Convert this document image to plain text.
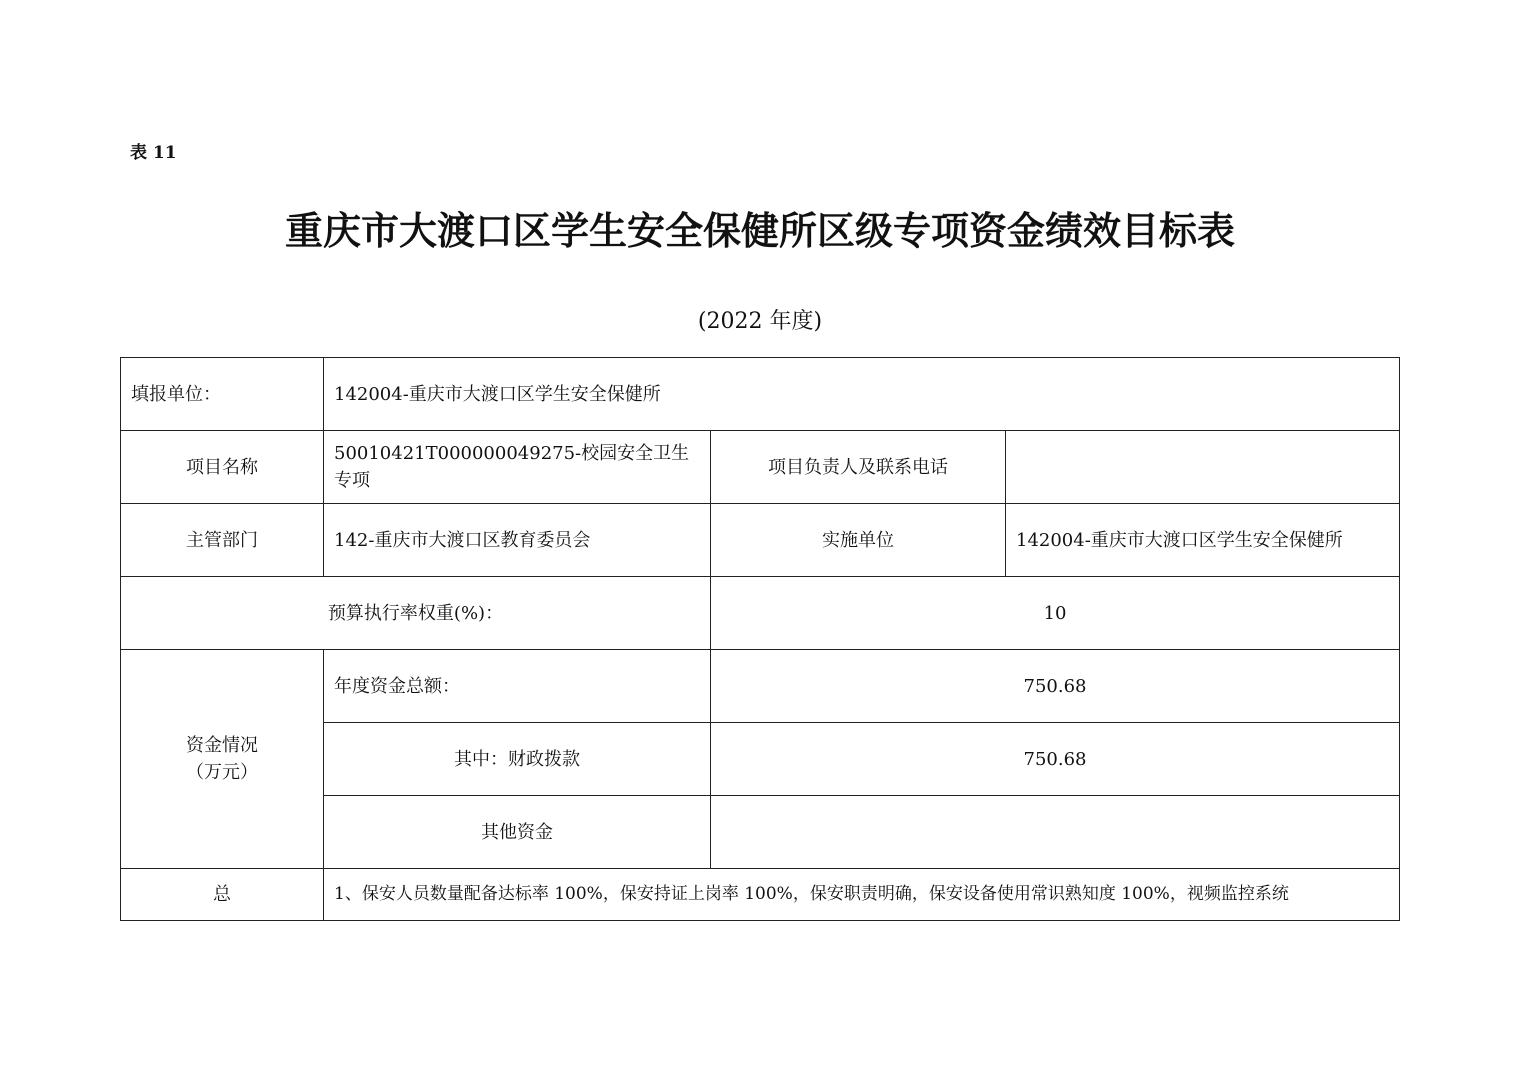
表 11
重庆市大渡口区学生安全保健所区级专项资金绩效目标表
(2022 年度)
填报单位：	142004-重庆市大渡口区学生安全保健所		
项目名称	50010421T000000049275-校园安全卫生专项	项目负责人及联系电话	
主管部门	142-重庆市大渡口区教育委员会	实施单位	142004-重庆市大渡口区学生安全保健所
预算执行率权重(%)：		10	
资金情况（万元）	年度资金总额：	750.68	
	其中：财政拨款	750.68	
	其他资金		
总	1、保安人员数量配备达标率 100%，保安持证上岗率 100%，保安职责明确，保安设备使用常识熟知度 100%，视频监控系统		
